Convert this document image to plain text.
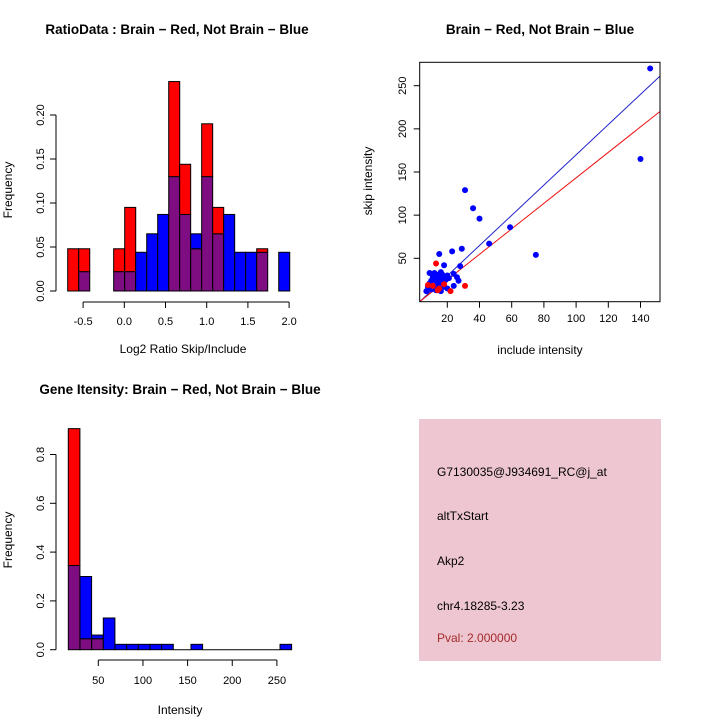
RatioData : Brain − Red, Not Brain − Blue
Log2 Ratio Skip/Include
Frequency
0.00
0.05
0.10
0.15
0.20
-0.5 0.0 0.5 1.0 1.5 2.0
Brain − Red, Not Brain − Blue
include intensity
skip intensity
20 40 60 80 100 120 140
50
100
150
200
250
Gene Itensity: Brain − Red, Not Brain − Blue
Intensity
Frequency
0.0
0.2
0.4
0.6
0.8
50	100 150 200 250
G7130035@J934691_RC@j_at
altTxStart
Akp2
chr4.18285-3.23
Pval: 2.000000
